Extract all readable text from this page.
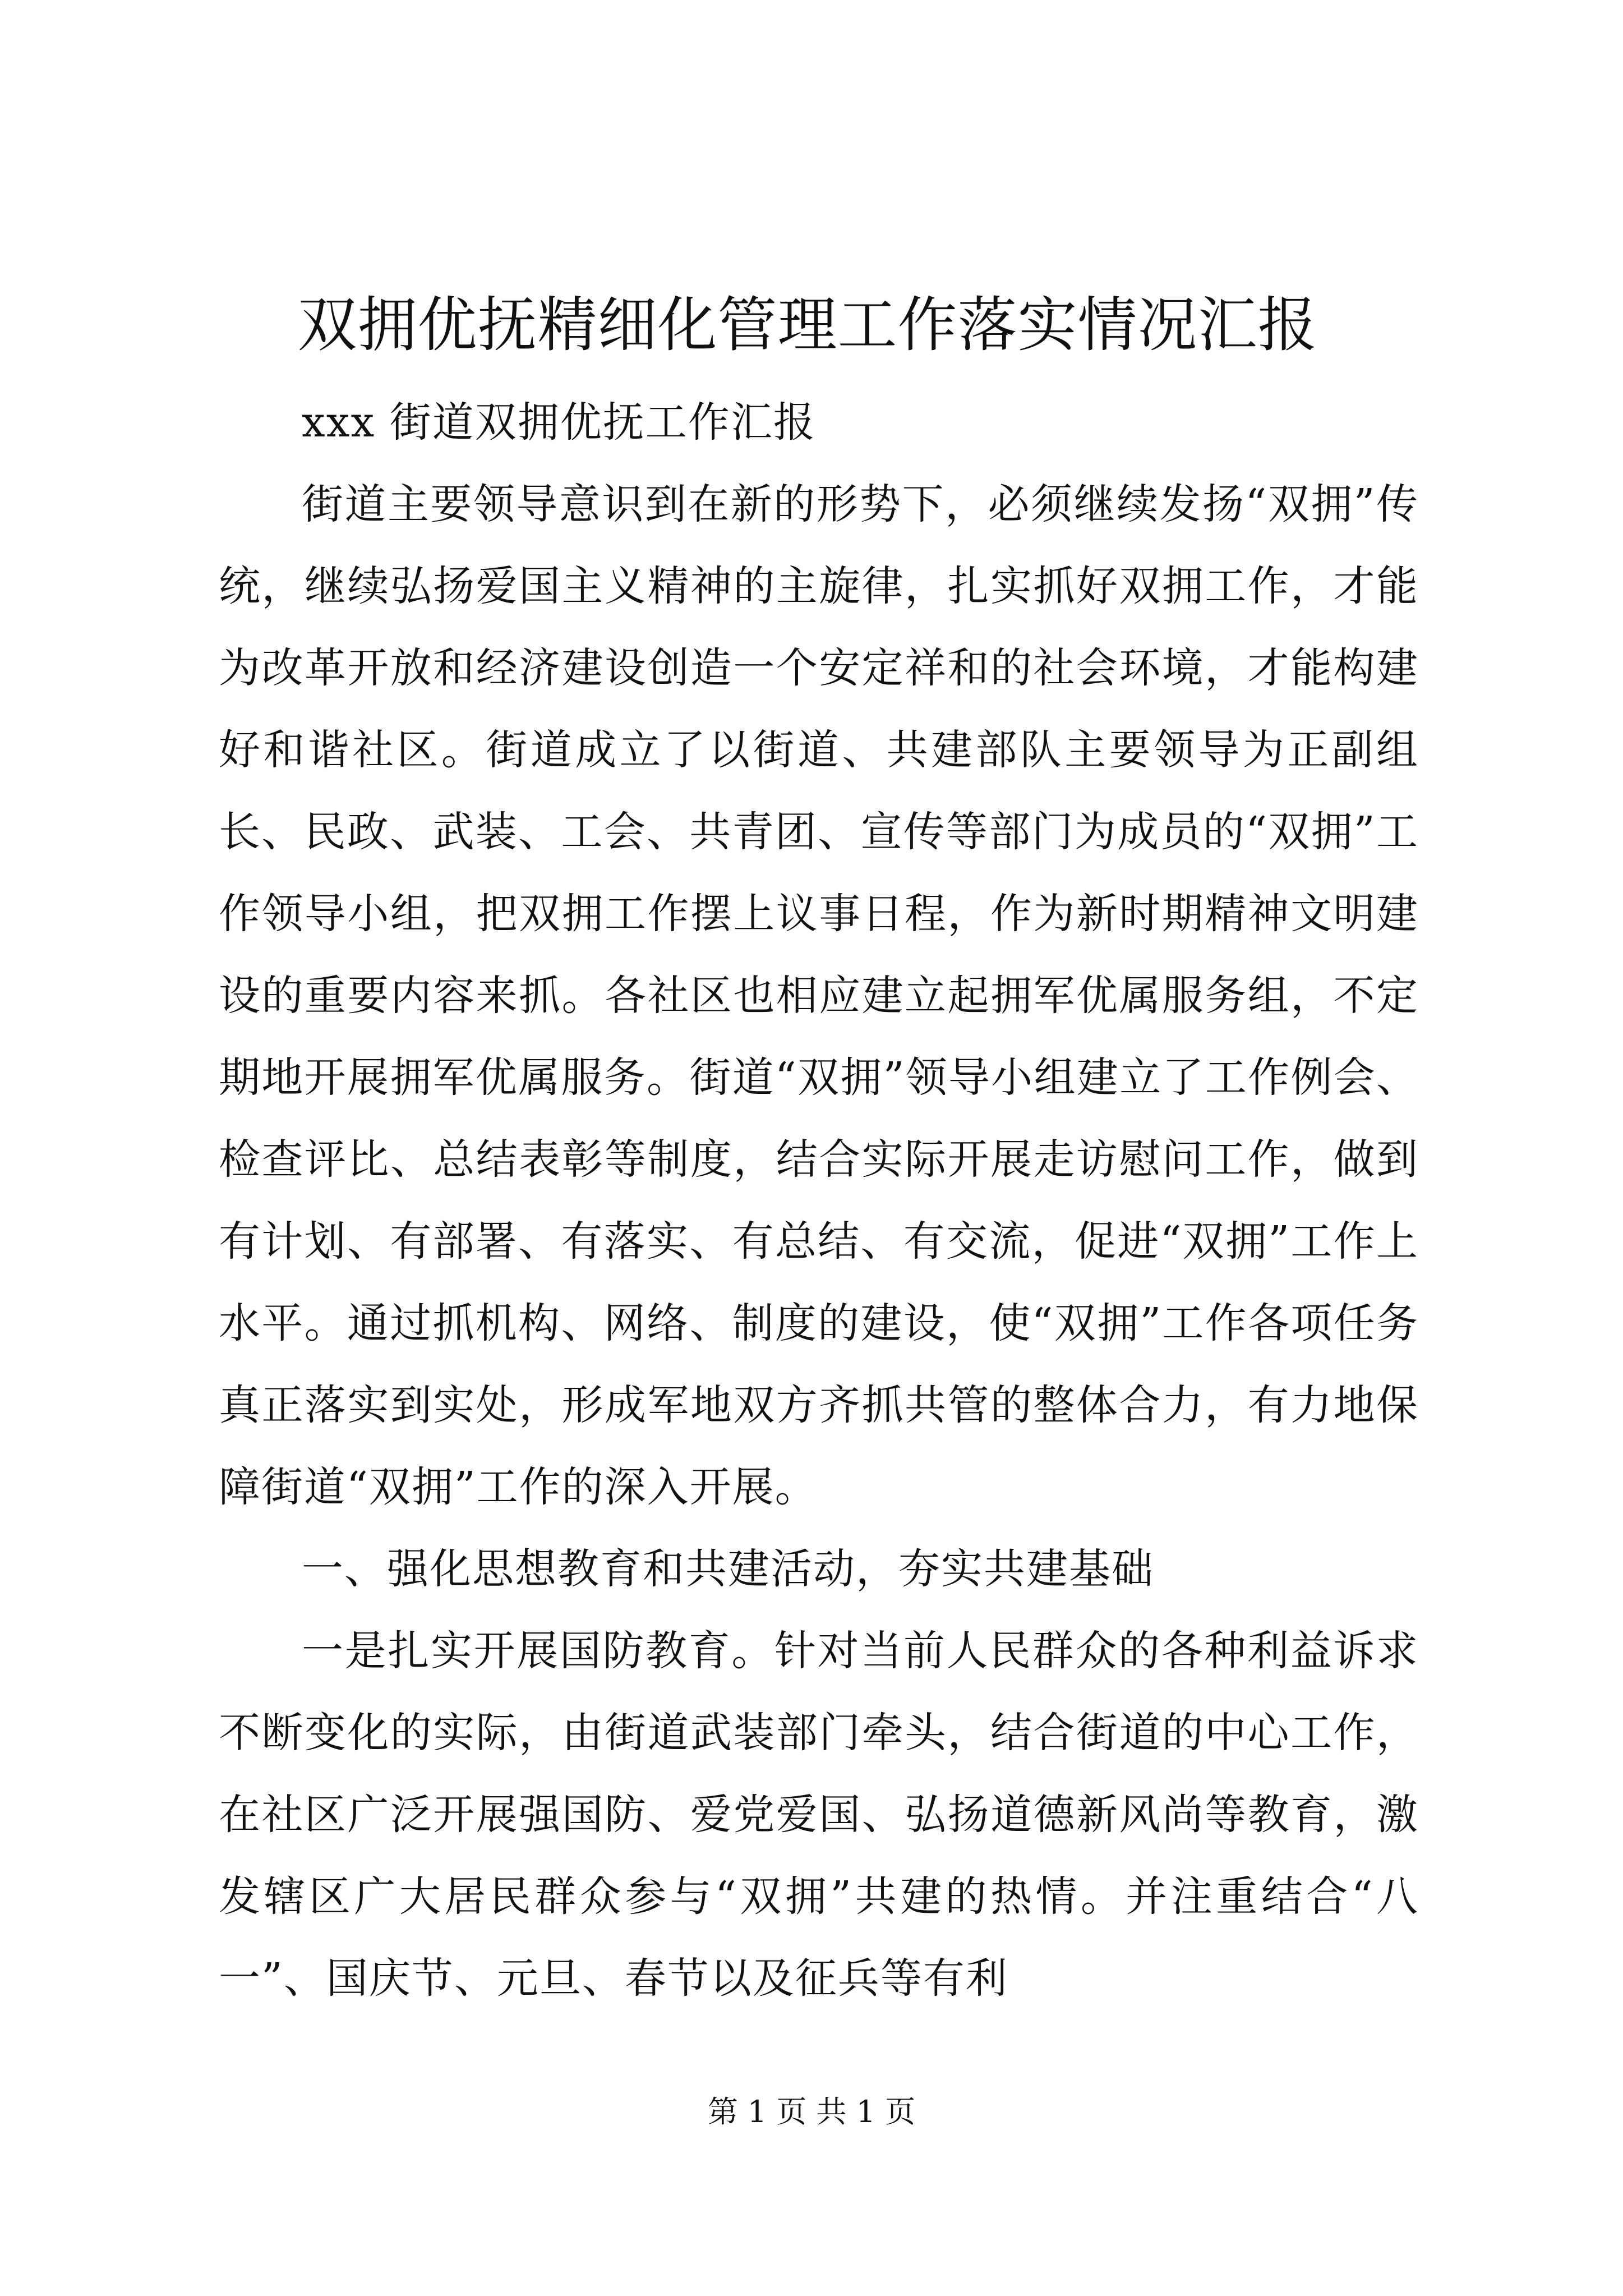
双拥优抚精细化管理工作落实情况汇报

xxx 街道双拥优抚工作汇报

街道主要领导意识到在新的形势下，必须继续发扬“双拥”传统，继续弘扬爱国主义精神的主旋律，扎实抓好双拥工作，才能为改革开放和经济建设创造一个安定祥和的社会环境，才能构建好和谐社区。街道成立了以街道、共建部队主要领导为正副组长、民政、武装、工会、共青团、宣传等部门为成员的“双拥”工作领导小组，把双拥工作摆上议事日程，作为新时期精神文明建设的重要内容来抓。各社区也相应建立起拥军优属服务组，不定期地开展拥军优属服务。街道“双拥”领导小组建立了工作例会、检查评比、总结表彰等制度，结合实际开展走访慰问工作，做到有计划、有部署、有落实、有总结、有交流，促进“双拥”工作上水平。通过抓机构、网络、制度的建设，使“双拥”工作各项任务真正落实到实处，形成军地双方齐抓共管的整体合力，有力地保障街道“双拥”工作的深入开展。

一、强化思想教育和共建活动，夯实共建基础

一是扎实开展国防教育。针对当前人民群众的各种利益诉求不断变化的实际，由街道武装部门牵头，结合街道的中心工作，在社区广泛开展强国防、爱党爱国、弘扬道德新风尚等教育，激发辖区广大居民群众参与“双拥”共建的热情。并注重结合“八一”、国庆节、元旦、春节以及征兵等有利

第 1 页 共 1 页
